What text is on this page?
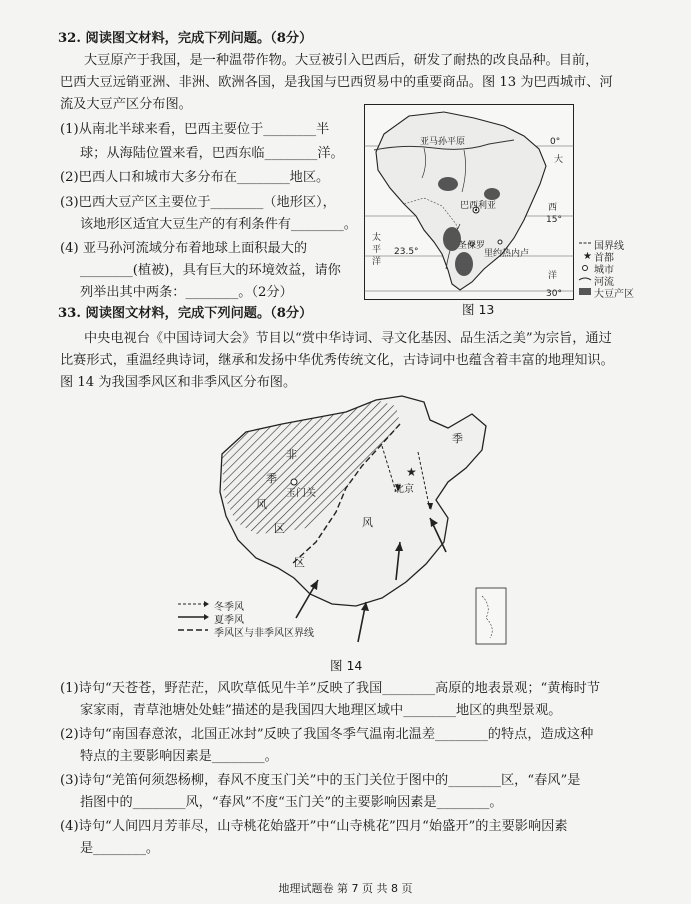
32. 阅读图文材料，完成下列问题。（8分）
大豆原产于我国，是一种温带作物。大豆被引入巴西后，研发了耐热的改良品种。目前，
巴西大豆远销亚洲、非洲、欧洲各国，是我国与巴西贸易中的重要商品。图 13 为巴西城市、河
流及大豆产区分布图。
(1)从南北半球来看，巴西主要位于________半
球；从海陆位置来看，巴西东临________洋。
(2)巴西人口和城市大多分布在________地区。
(3)巴西大豆产区主要位于________（地形区），
该地形区适宜大豆生产的有利条件有________。
(4) 亚马孙河流域分布着地球上面积最大的
________(植被)，具有巨大的环境效益，请你
列举出其中两条：________。（2分）
亚马孙平原
巴西利亚
圣保罗
里约热内卢
太
平
洋
大
西
洋
0°
15°
23.5°
30°
★
国界线
首都
城市
河流
大豆产区
图 13
33. 阅读图文材料，完成下列问题。（8分）
中央电视台《中国诗词大会》节目以“赏中华诗词、寻文化基因、品生活之美”为宗旨，通过
比赛形式，重温经典诗词，继承和发扬中华优秀传统文化，古诗词中也蕴含着丰富的地理知识。
图 14 为我国季风区和非季风区分布图。
★
非
季
风
区
季
风
区
玉门关	北京
冬季风
夏季风
季风区与非季风区界线
图 14
(1)诗句“天苍苍，野茫茫，风吹草低见牛羊”反映了我国________高原的地表景观；“黄梅时节
家家雨，青草池塘处处蛙”描述的是我国四大地理区域中________地区的典型景观。
(2)诗句“南国春意浓，北国正冰封”反映了我国冬季气温南北温差________的特点，造成这种
特点的主要影响因素是________。
(3)诗句“羌笛何须怨杨柳，春风不度玉门关”中的玉门关位于图中的________区，“春风”是
指图中的________风，“春风”不度“玉门关”的主要影响因素是________。
(4)诗句“人间四月芳菲尽，山寺桃花始盛开”中“山寺桃花”四月“始盛开”的主要影响因素
是________。
地理试题卷 第 7 页 共 8 页
